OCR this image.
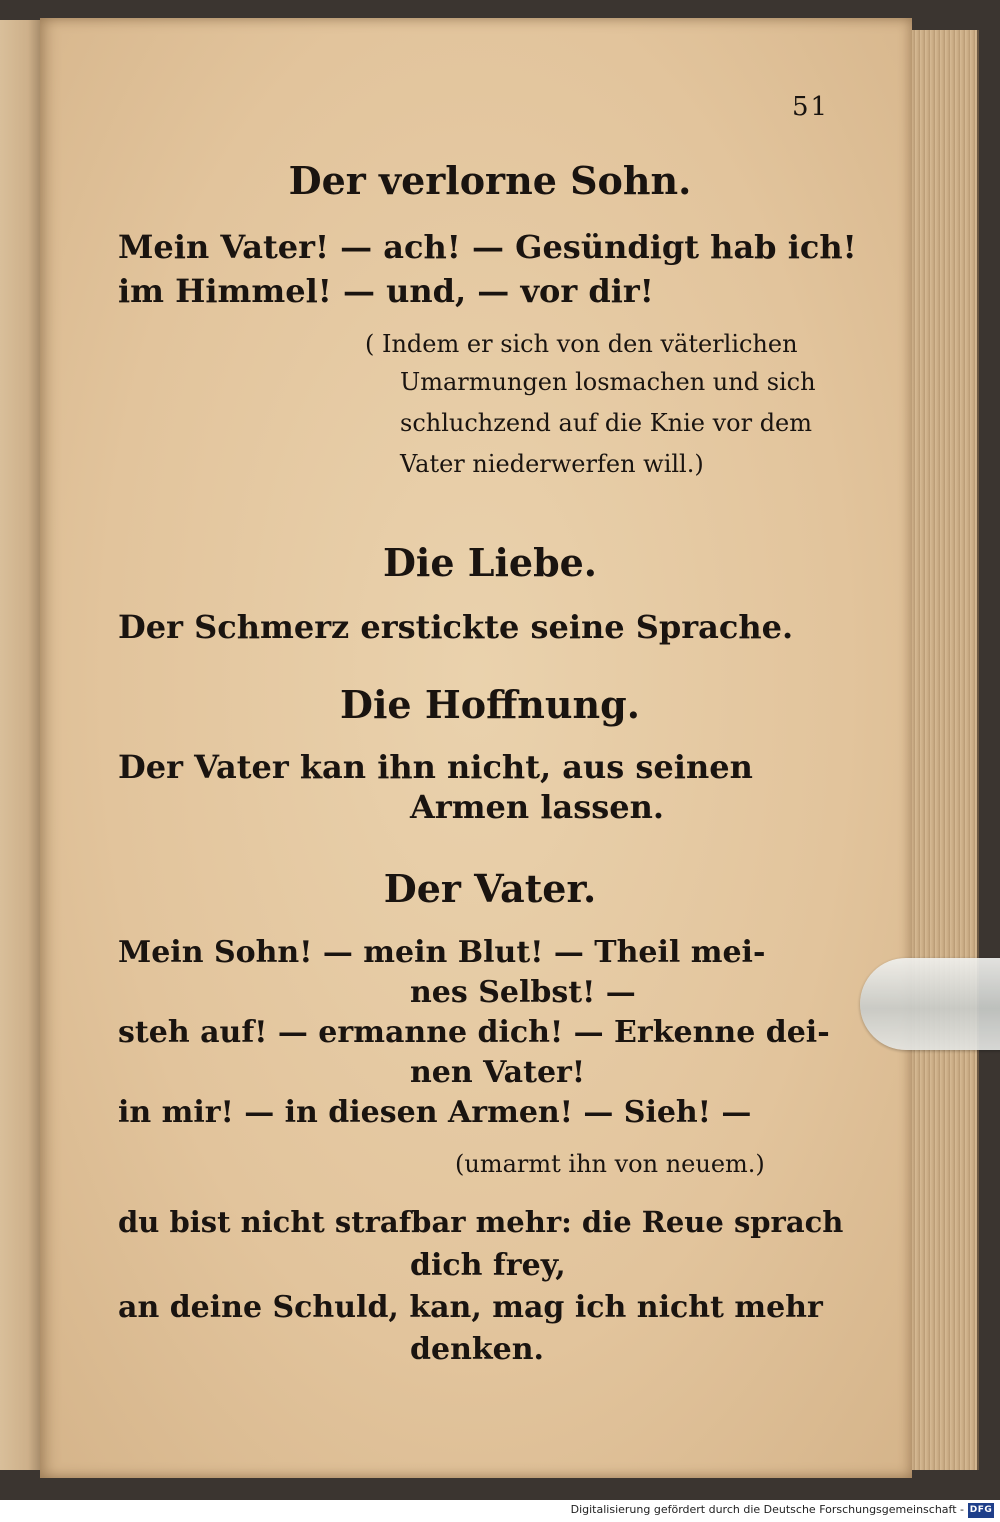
51

Der verlorne Sohn.

Mein Vater! — ach! — Gesündigt hab ich!

im Himmel! — und, — vor dir!

( Indem er sich von den väterlichen

Umarmungen losmachen und sich

schluchzend auf die Knie vor dem

Vater niederwerfen will.)

Die Liebe.

Der Schmerz erstickte seine Sprache.

Die Hoffnung.

Der Vater kan ihn nicht, aus seinen

Armen lassen.

Der Vater.

Mein Sohn! — mein Blut! — Theil mei-

nes Selbst! —

steh auf! — ermanne dich! — Erkenne dei-

nen Vater!

in mir! — in diesen Armen! — Sieh! —

(umarmt ihn von neuem.)

du bist nicht strafbar mehr: die Reue sprach

dich frey,

an deine Schuld, kan, mag ich nicht mehr

denken.

Digitalisierung gefördert durch die Deutsche Forschungsgemeinschaft - DFG
